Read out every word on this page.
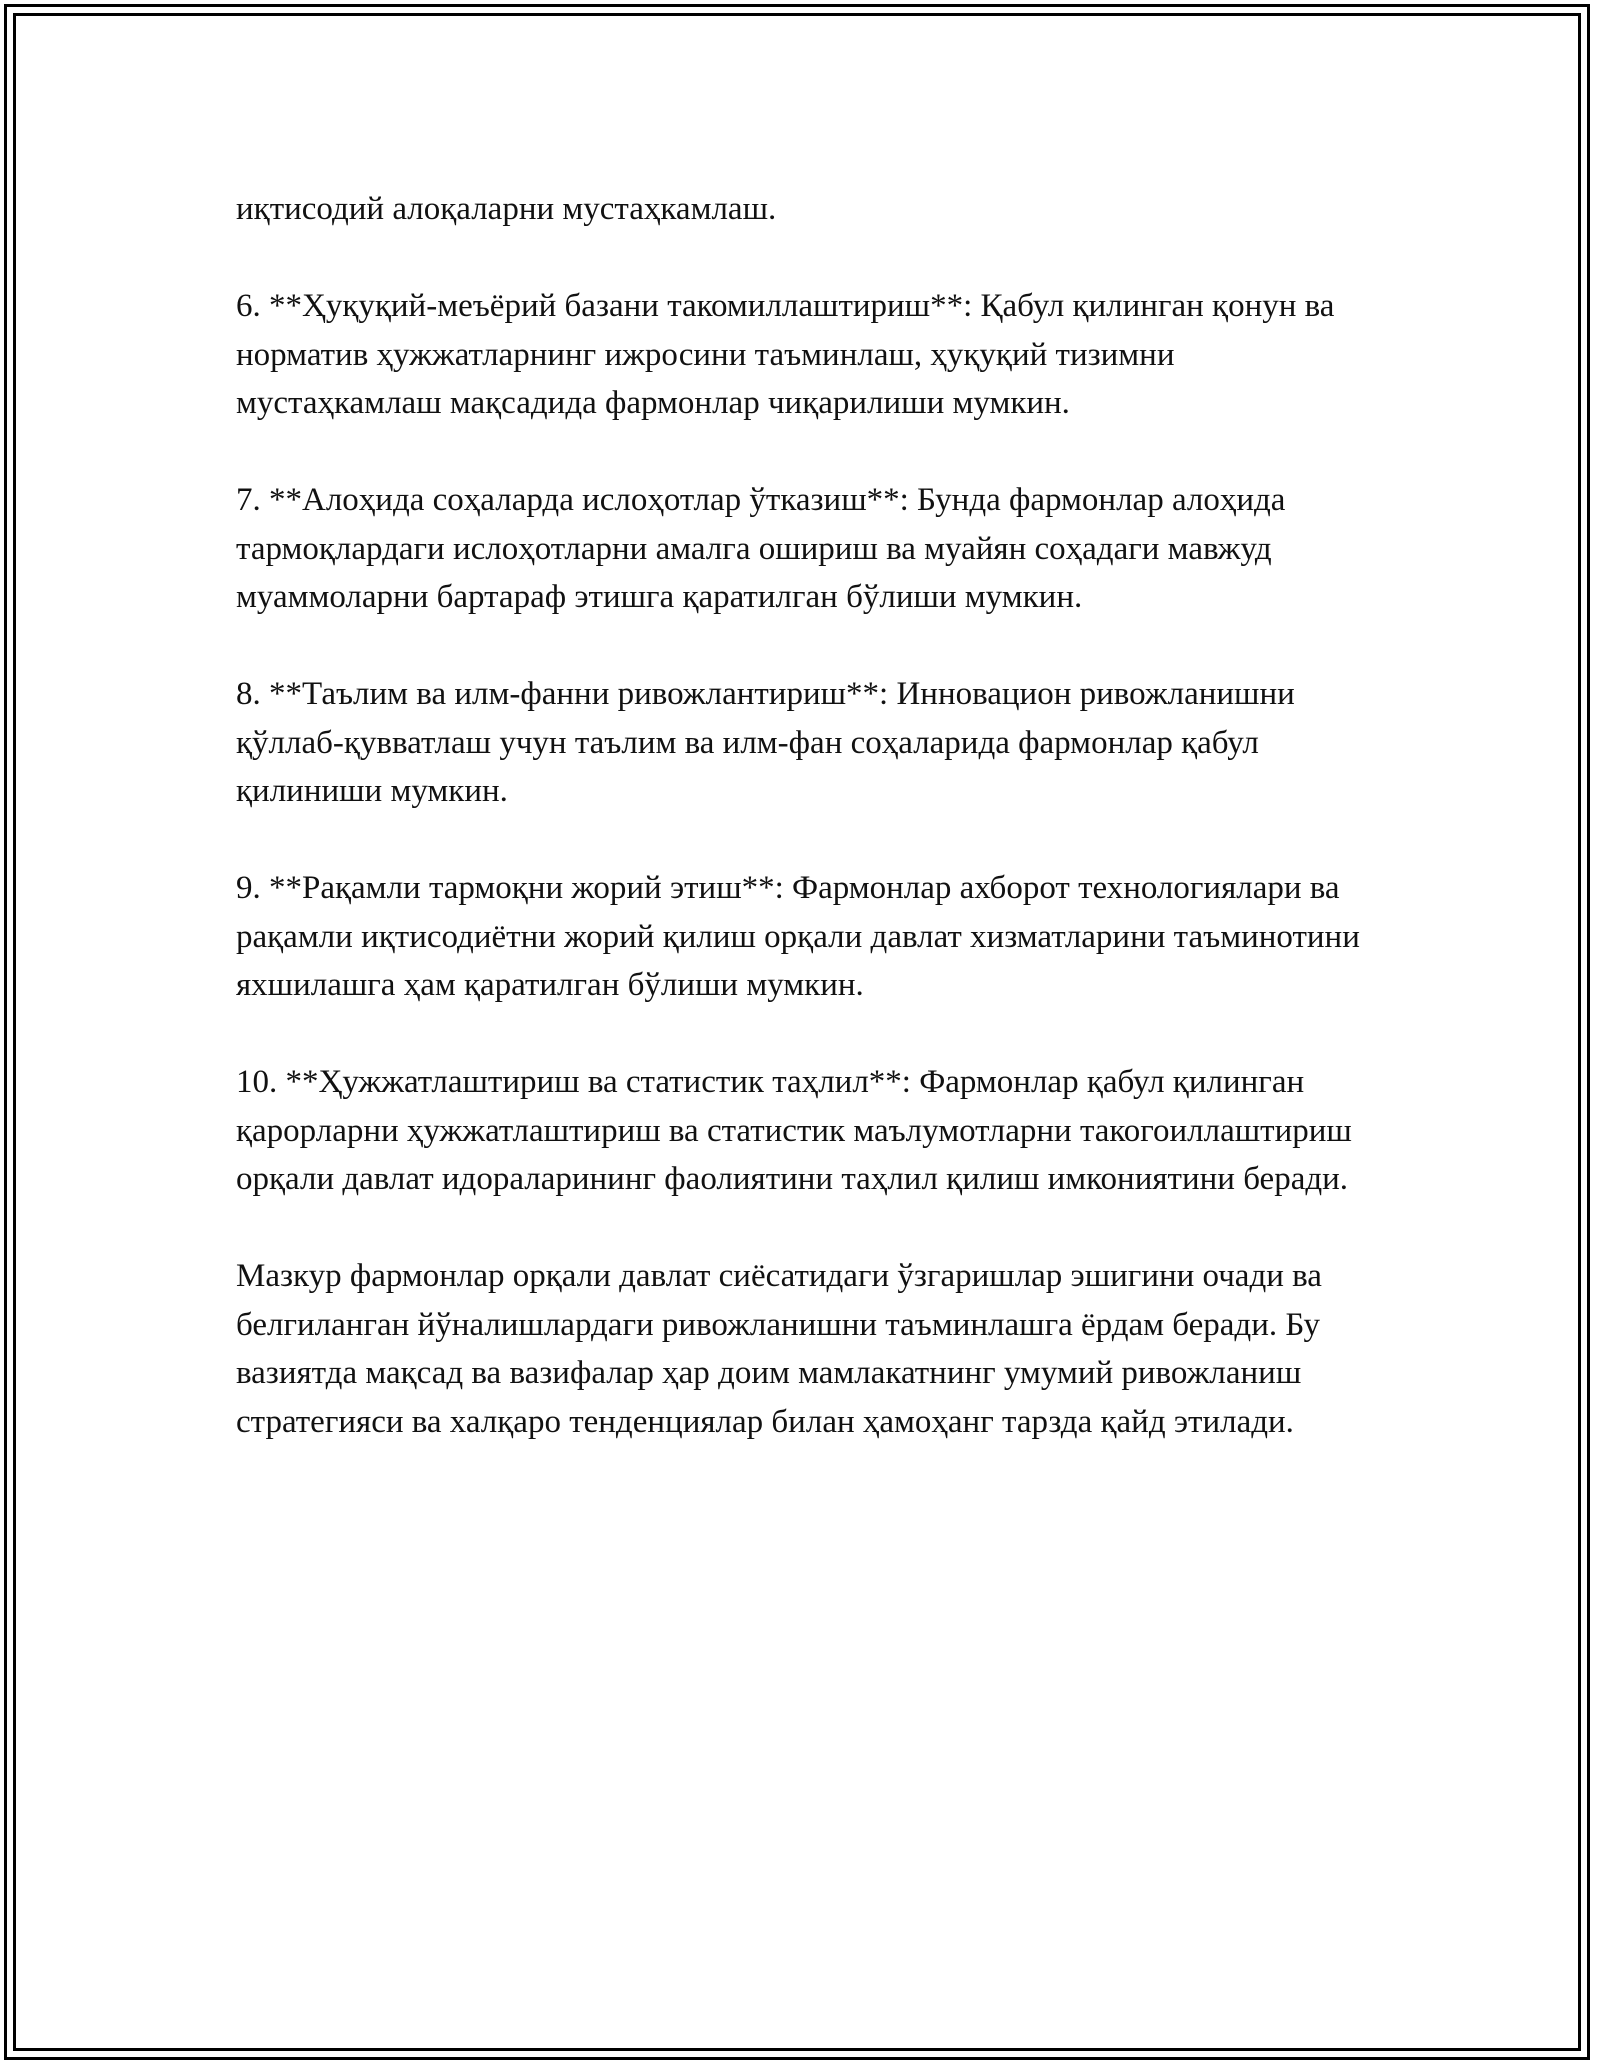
иқтисодий алоқаларни мустаҳкамлаш.

6. **Ҳуқуқий-меъёрий базани такомиллаштириш**: Қабул қилинган қонун ва норматив ҳужжатларнинг ижросини таъминлаш, ҳуқуқий тизимни мустаҳкамлаш мақсадида фармонлар чиқарилиши мумкин.

7. **Алоҳида соҳаларда ислоҳотлар ўтказиш**: Бунда фармонлар алоҳида тармоқлардаги ислоҳотларни амалга ошириш ва муайян соҳадаги мавжуд муаммоларни бартараф этишга қаратилган бўлиши мумкин.

8. **Таълим ва илм-фанни ривожлантириш**: Инновацион ривожланишни қўллаб-қувватлаш учун таълим ва илм-фан соҳаларида фармонлар қабул қилиниши мумкин.

9. **Рақамли тармоқни жорий этиш**: Фармонлар ахборот технологиялари ва рақамли иқтисодиётни жорий қилиш орқали давлат хизматларини таъминотини яхшилашга ҳам қаратилган бўлиши мумкин.

10. **Ҳужжатлаштириш ва статистик таҳлил**: Фармонлар қабул қилинган қарорларни ҳужжатлаштириш ва статистик маълумотларни такогоиллаштириш орқали давлат идораларининг фаолиятини таҳлил қилиш имкониятини беради.

Мазкур фармонлар орқали давлат сиёсатидаги ўзгаришлар эшигини очади ва белгиланган йўналишлардаги ривожланишни таъминлашга ёрдам беради. Бу вазиятда мақсад ва вазифалар ҳар доим мамлакатнинг умумий ривожланиш стратегияси ва халқаро тенденциялар билан ҳамоҳанг тарзда қайд этилади.
